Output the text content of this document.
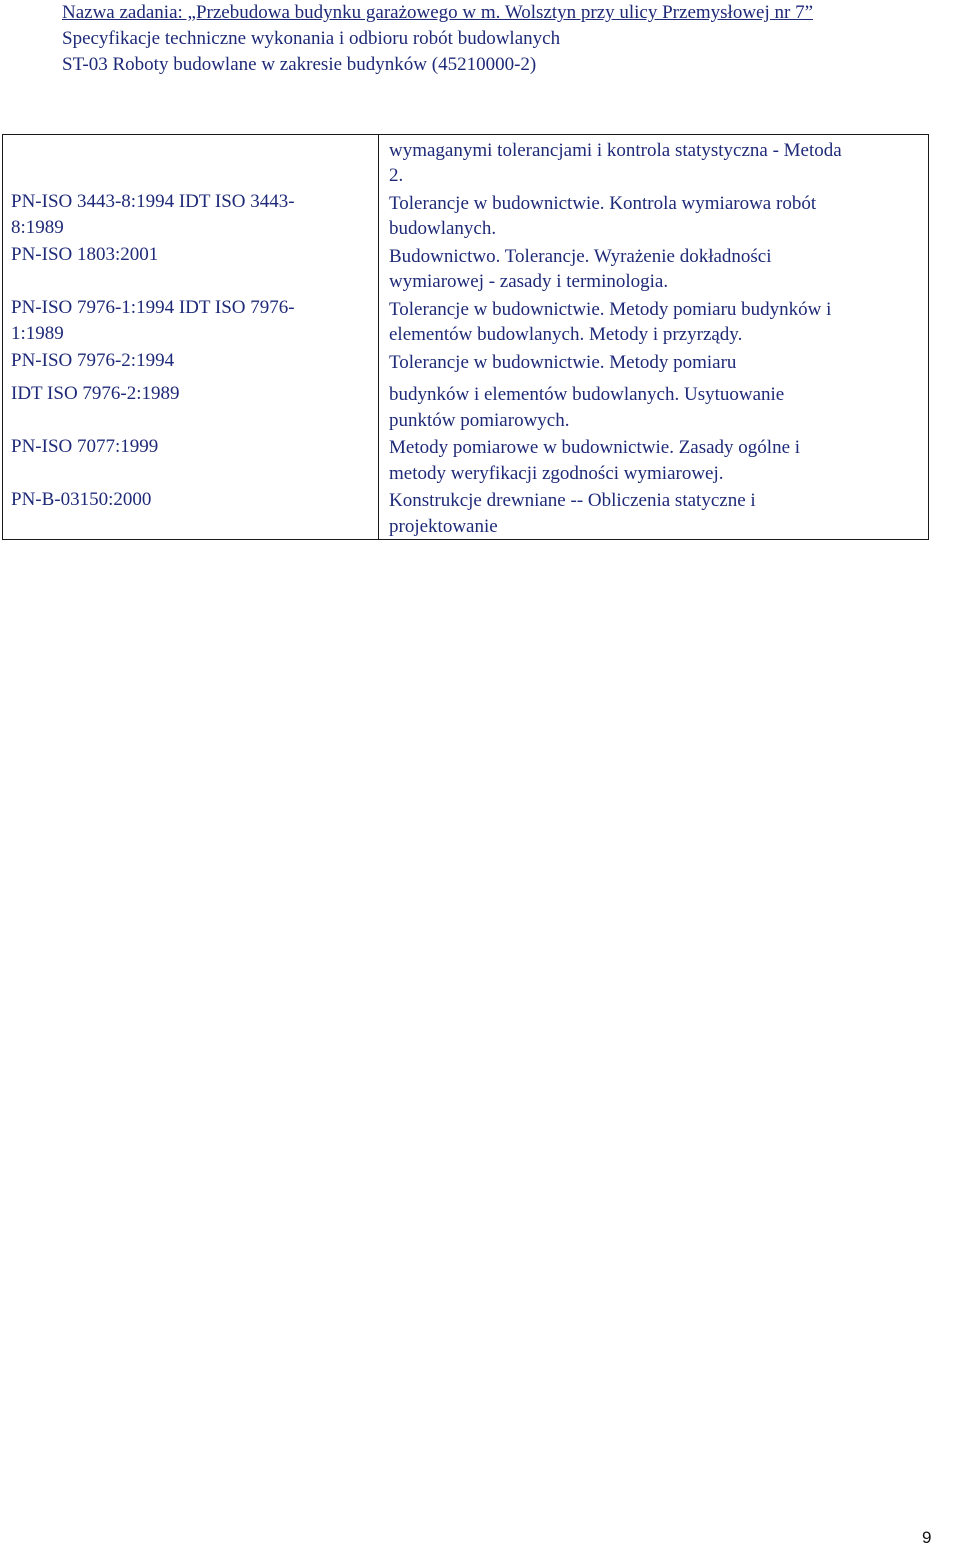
Nazwa zadania: „Przebudowa budynku garażowego w m. Wolsztyn przy ulicy Przemysłowej nr 7”
Specyfikacje techniczne wykonania i odbioru robót budowlanych
ST-03 Roboty budowlane w zakresie budynków (45210000-2)
PN-ISO 3443-8:1994 IDT ISO 3443-
8:1989
PN-ISO 1803:2001
PN-ISO 7976-1:1994 IDT ISO 7976-
1:1989
PN-ISO 7976-2:1994
IDT ISO 7976-2:1989
PN-ISO 7077:1999
PN-B-03150:2000
wymaganymi tolerancjami i kontrola statystyczna - Metoda
2.
Tolerancje w budownictwie. Kontrola wymiarowa robót
budowlanych.
Budownictwo. Tolerancje. Wyrażenie dokładności
wymiarowej - zasady i terminologia.
Tolerancje w budownictwie. Metody pomiaru budynków i
elementów budowlanych. Metody i przyrządy.
Tolerancje w budownictwie. Metody pomiaru
budynków i elementów budowlanych. Usytuowanie
punktów pomiarowych.
Metody pomiarowe w budownictwie. Zasady ogólne i
metody weryfikacji zgodności wymiarowej.
Konstrukcje drewniane -- Obliczenia statyczne i
projektowanie
9
